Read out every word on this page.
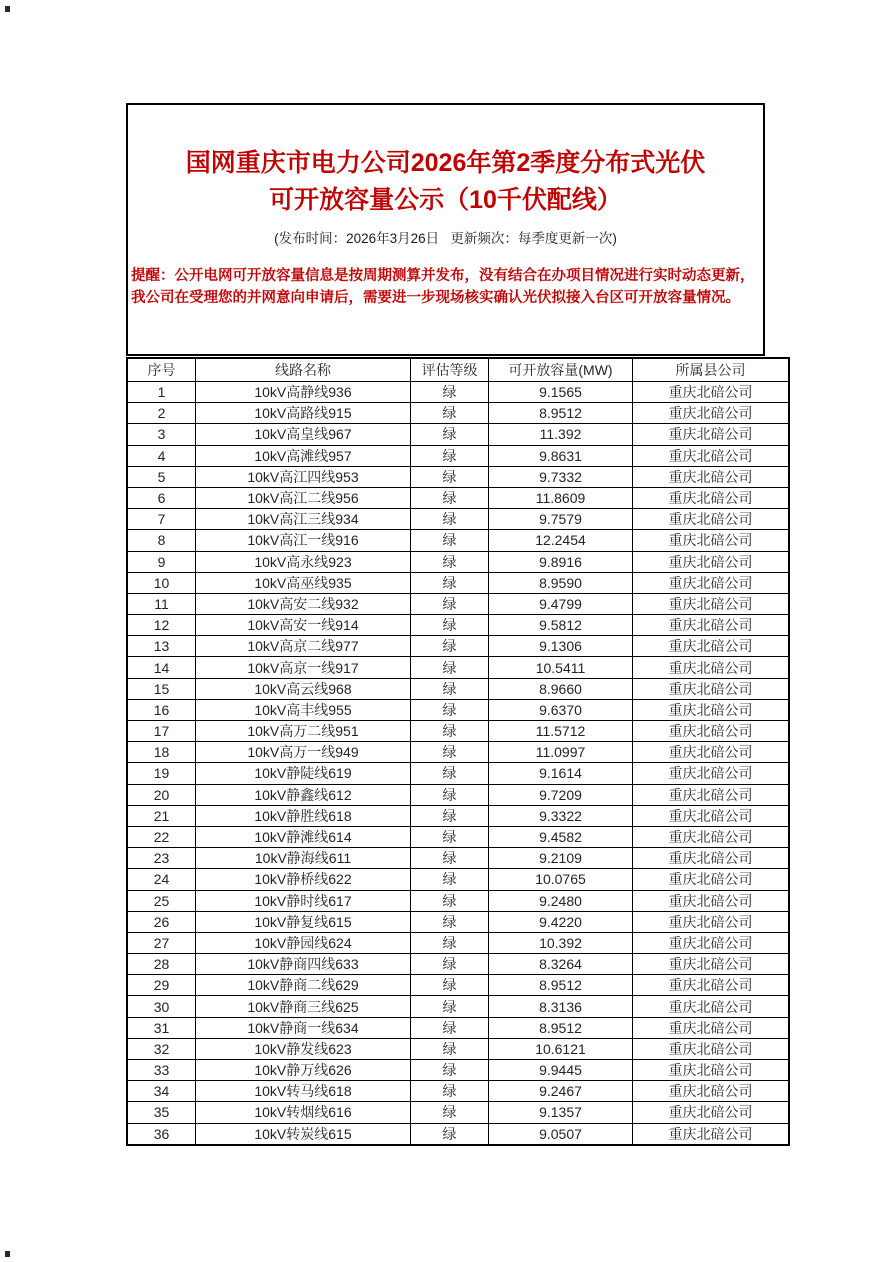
国网重庆市电力公司2026年第2季度分布式光伏
可开放容量公示（10千伏配线）
(发布时间：2026年3月26日   更新频次：每季度更新一次)
提醒：公开电网可开放容量信息是按周期测算并发布，没有结合在办项目情况进行实时动态更新，我公司在受理您的并网意向申请后，需要进一步现场核实确认光伏拟接入台区可开放容量情况。
序号	线路名称	评估等级	可开放容量(MW)	所属县公司
1	10kV高静线936	绿	9.1565	重庆北碚公司
2	10kV高路线915	绿	8.9512	重庆北碚公司
3	10kV高皇线967	绿	11.392	重庆北碚公司
4	10kV高滩线957	绿	9.8631	重庆北碚公司
5	10kV高江四线953	绿	9.7332	重庆北碚公司
6	10kV高江二线956	绿	11.8609	重庆北碚公司
7	10kV高江三线934	绿	9.7579	重庆北碚公司
8	10kV高江一线916	绿	12.2454	重庆北碚公司
9	10kV高永线923	绿	9.8916	重庆北碚公司
10	10kV高巫线935	绿	8.9590	重庆北碚公司
11	10kV高安二线932	绿	9.4799	重庆北碚公司
12	10kV高安一线914	绿	9.5812	重庆北碚公司
13	10kV高京二线977	绿	9.1306	重庆北碚公司
14	10kV高京一线917	绿	10.5411	重庆北碚公司
15	10kV高云线968	绿	8.9660	重庆北碚公司
16	10kV高丰线955	绿	9.6370	重庆北碚公司
17	10kV高万二线951	绿	11.5712	重庆北碚公司
18	10kV高万一线949	绿	11.0997	重庆北碚公司
19	10kV静陡线619	绿	9.1614	重庆北碚公司
20	10kV静鑫线612	绿	9.7209	重庆北碚公司
21	10kV静胜线618	绿	9.3322	重庆北碚公司
22	10kV静滩线614	绿	9.4582	重庆北碚公司
23	10kV静海线611	绿	9.2109	重庆北碚公司
24	10kV静桥线622	绿	10.0765	重庆北碚公司
25	10kV静时线617	绿	9.2480	重庆北碚公司
26	10kV静复线615	绿	9.4220	重庆北碚公司
27	10kV静园线624	绿	10.392	重庆北碚公司
28	10kV静商四线633	绿	8.3264	重庆北碚公司
29	10kV静商二线629	绿	8.9512	重庆北碚公司
30	10kV静商三线625	绿	8.3136	重庆北碚公司
31	10kV静商一线634	绿	8.9512	重庆北碚公司
32	10kV静发线623	绿	10.6121	重庆北碚公司
33	10kV静万线626	绿	9.9445	重庆北碚公司
34	10kV转马线618	绿	9.2467	重庆北碚公司
35	10kV转烟线616	绿	9.1357	重庆北碚公司
36	10kV转炭线615	绿	9.0507	重庆北碚公司
